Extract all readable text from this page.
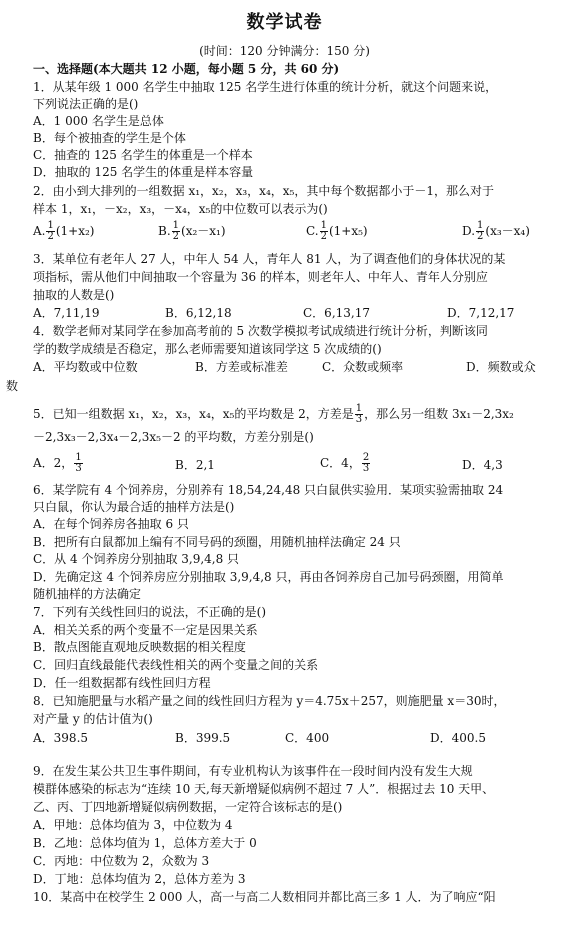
数学试卷
(时间：120 分钟满分：150 分)
一、选择题(本大题共 12 小题，每小题 5 分，共 60 分)
1．从某年级 1 000 名学生中抽取 125 名学生进行体重的统计分析，就这个问题来说，
下列说法正确的是()
A．1 000 名学生是总体
B．每个被抽查的学生是个体
C．抽查的 125 名学生的体重是一个样本
D．抽取的 125 名学生的体重是样本容量
2．由小到大排列的一组数据 x₁，x₂，x₃，x₄，x₅，其中每个数据都小于－1，那么对于
样本 1，x₁，－x₂，x₃，－x₄，x₅的中位数可以表示为()
A. $\frac{1}{2} (1+x_2)$	B. $\frac{1}{2} (x_2-x_1)$	C. $\frac{1}{2} (1+x_5)$	D. $\frac{1}{2} (x_3-x_4)$
3．某单位有老年人 27 人，中年人 54 人，青年人 81 人，为了调查他们的身体状况的某
项指标，需从他们中间抽取一个容量为 36 的样本，则老年人、中年人、青年人分别应
抽取的人数是()
A．7,11,19	B．6,12,18	C．6,13,17	D．7,12,17
4．数学老师对某同学在参加高考前的 5 次数学模拟考试成绩进行统计分析，判断该同
学的数学成绩是否稳定，那么老师需要知道该同学这 5 次成绩的()
A．平均数或中位数	B．方差或标准差	C．众数或频率	D．频数或众
数
5．已知一组数据 x₁，x₂，x₃，x₄，x₅的平均数是 2，方差是 $\frac{1}{3}$ ，那么另一组数 3x₁－2,3x₂
－2,3x₃－2,3x₄－2,3x₅－2 的平均数，方差分别是()
A．2， $\frac{1}{3}$	B．2,1	C．4， $\frac{2}{3}$	D．4,3
6．某学院有 4 个饲养房，分别养有 18,54,24,48 只白鼠供实验用．某项实验需抽取 24
只白鼠，你认为最合适的抽样方法是()
A．在每个饲养房各抽取 6 只
B．把所有白鼠都加上编有不同号码的颈圈，用随机抽样法确定 24 只
C．从 4 个饲养房分别抽取 3,9,4,8 只
D．先确定这 4 个饲养房应分别抽取 3,9,4,8 只，再由各饲养房自己加号码颈圈，用简单
随机抽样的方法确定
7．下列有关线性回归的说法，不正确的是()
A．相关关系的两个变量不一定是因果关系
B．散点图能直观地反映数据的相关程度
C．回归直线最能代表线性相关的两个变量之间的关系
D．任一组数据都有线性回归方程
8．已知施肥量与水稻产量之间的线性回归方程为 y＝4.75x＋257，则施肥量 x＝30时，
对产量 y 的估计值为()
A．398.5	B．399.5	C．400	D．400.5
9．在发生某公共卫生事件期间，有专业机构认为该事件在一段时间内没有发生大规
模群体感染的标志为“连续 10 天,每天新增疑似病例不超过 7 人”．根据过去 10 天甲、
乙、丙、丁四地新增疑似病例数据，一定符合该标志的是()
A．甲地：总体均值为 3，中位数为 4
B．乙地：总体均值为 1，总体方差大于 0
C．丙地：中位数为 2，众数为 3
D．丁地：总体均值为 2，总体方差为 3
10．某高中在校学生 2 000 人，高一与高二人数相同并都比高三多 1 人．为了响应“阳
